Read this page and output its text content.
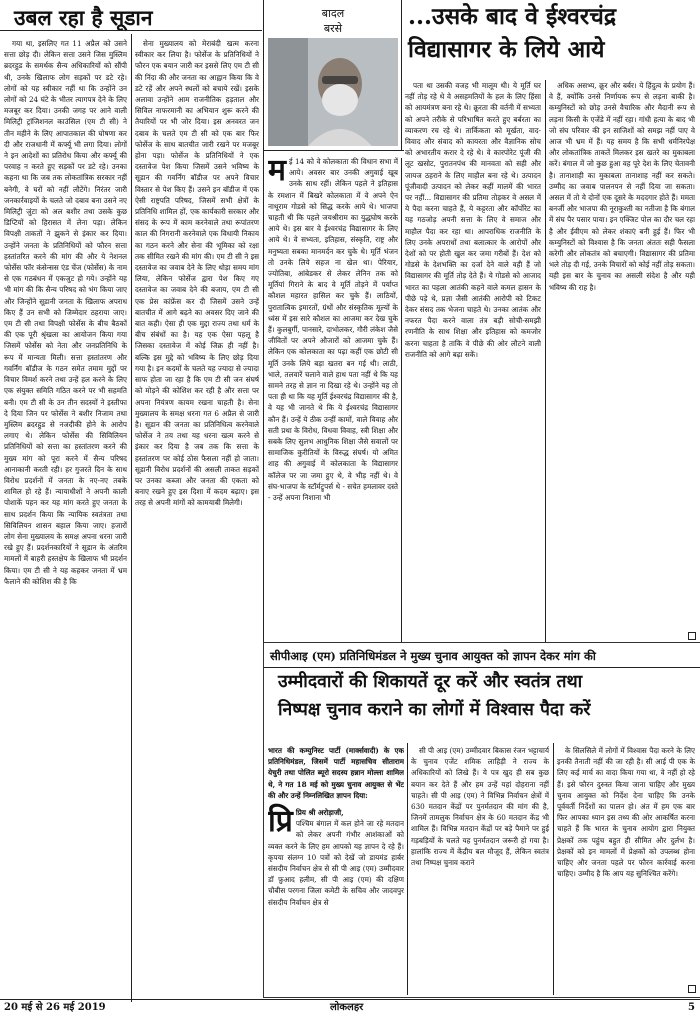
उबल रहा है सूडान

गया था, इसलिए गत 11 अप्रैल को उसने सत्ता छोड़ दी। लेकिन सत्ता उसने जिस मुस्लिम ब्रदरहुड के समर्थक सैन्य अधिकारियों को सौंपी थी, उनके खिलाफ लोग सड़कों पर डटे रहे। लोगों को यह स्वीकार नहीं था कि उन्होंने उन लोगों को 24 घंटे के भीतर त्यागपत्र देने के लिए मजबूर कर दिया। उनकी जगह पर आने वाली मिलिट्री ट्रांजिशनल काउंसिल (एम टी सी) ने तीन महीने के लिए आपातकाल की घोषणा कर दी और राजधानी में कर्फ्यू भी लगा दिया। लोगों ने इन आदेशों का प्रतिरोध किया और कर्फ्यू की परवाह न करते हुए सड़कों पर डटे रहे। उनका कहना था कि जब तक लोकतांत्रिक सरकार नहीं बनेगी, वे घरों को नहीं लौटेंगे। निरंतर जारी जनकार्रवाइयों के चलते जो दबाव बना उसने नए मिलिट्री जुंटा को अल बशीर तथा उसके कुछ डिप्टियों को हिरासत में लेना पड़ा। लेकिन विपक्षी ताकतों ने झुकने से इंकार कर दिया। उन्होंने जनता के प्रतिनिधियों को फौरन सत्ता हस्तांतरित करने की मांग की और ये नेशनल फोर्सेस फॉर कंसेन्सस एंड चेंज (फोर्सेस) के नाम से एक गठबंधन में एकजुट हो गये। उन्होंने यह भी मांग की कि सैन्य परिषद को भंग किया जाए और जिन्होंने सूडानी जनता के खिलाफ अपराध किए हैं उन सभी को जिम्मेदार ठहराया जाए। एम टी सी तथा विपक्षी फोर्सेस के बीच बैठकों की एक पूरी श्रृंखला का आयोजन किया गया जिसमें फोर्सेस को नेता और जनप्रतिनिधि के रूप में मान्यता मिली। सत्ता हस्तांतरण और गवर्निंग बॉडीज के गठन समेत तमाम मुद्दों पर विचार विमर्श करने तथा उन्हें हल करने के लिए एक संयुक्त समिति गठित करने पर भी सहमति बनी। एम टी सी के उन तीन सदस्यों ने इस्तीफा दे दिया जिन पर फोर्सेस ने बशीर निजाम तथा मुस्लिम ब्रदरहुड से नजदीकी होने के आरोप लगाए थे। लेकिन फोर्सेस की सिविलियन प्रतिनिधियों को सत्ता का हस्तांतरण करने की मुख्य मांग को पूरा करने में सैन्य परिषद आनाकानी करती रही। हर गुजरते दिन के साथ विरोध प्रदर्शनों में जनता के नए-नए तबके शामिल हो रहे हैं। न्यायाधीशों ने अपनी काली पोशाकें पहन कर यह मांग करते हुए जनता के साथ प्रदर्शन किया कि न्यायिक स्वतंत्रता तथा सिविलियन शासन बहाल किया जाए। हजारों लोग सेना मुख्यालय के समक्ष अपना धरना जारी रखे हुए हैं। प्रदर्शनकारियों ने सूडान के अंतरिम मामलों में बाहरी हस्तक्षेप के खिलाफ भी प्रदर्शन किया। एम टी सी ने यह कहकर जनता में भ्रम फैलाने की कोशिश की है कि

सेना मुख्यालय को मेराबंदी खत्म करना स्वीकार कर लिया है। फोर्सेज के प्रतिनिधियों ने फौरन एक बयान जारी कर इससे लिए एम टी सी की निंदा की और जनता का आह्वान किया कि वे डटे रहें और अपने स्थलों को बचाये रखें। इसके अलावा उन्होंने आम राजनीतिक हड़ताल और सिविल नाफरमानी का अभियान शुरू करने की तैयारियों पर भी जोर दिया। इस अनवरत जन दबाव के चलते एम टी सी को एक बार फिर फोर्सेज के साथ बातचीत जारी रखने पर मजबूर होना पड़ा। फोर्सेज के प्रतिनिधियों ने एक दस्तावेज पेश किया जिसमें उसने भविष्य के सूडान की गवर्निंग बॉडीज पर अपने विचार विस्तार से पेश किए हैं। उसने इन बॉडीज में एक ऐसी राष्ट्रपति परिषद, जिसमें सभी क्षेत्रों के प्रतिनिधि शामिल हों, एक कार्यकारी सरकार और संसद के रूप में काम करनेवाले तथा रूपांतरण काल की निगरानी करनेवाले एक विधायी निकाय का गठन करने और सेना की भूमिका को रक्षा तक सीमित रखने की मांग की। एम टी सी ने इस दस्तावेज का जवाब देने के लिए थोड़ा समय मांग लिया, लेकिन फोर्सेज द्वारा पेश किए गए दस्तावेज का जवाब देने की बजाय, एम टी सी एक प्रेस कांफ्रेंस कर दी जिसमें उसने उन्हें बातचीत में आगे बढ़ने का अवसर दिए जाने की बात कही। ऐसा ही एक मुद्दा राज्य तथा धर्म के बीच संबंधों का है। यह एक ऐसा पहलू है जिसका दस्तावेज में कोई जिक्र ही नहीं है। बल्कि इस मुद्दे को भविष्य के लिए छोड़ दिया गया है। इन कदमों के चलते यह ज्यादा से ज्यादा साफ होता जा रहा है कि एम टी सी जन संघर्ष को मोड़ने की कोशिश कर रही है और सत्ता पर अपना नियंत्रण कायम रखना चाहती है। सेना मुख्यालय के समक्ष धरना गत 6 अप्रैल से जारी है। सूडान की जनता का प्रतिनिधित्व करनेवाले फोर्सेज ने तय तथा यह धरना खत्म करने से इंकार कर दिया है जब तक कि सत्ता के हस्तांतरण पर कोई ठोस फैसला नहीं हो जाता। सूडानी विरोध प्रदर्शनों की असली ताकत सड़कों पर उनका कब्जा और जनता की एकता को बनाए रखने हुए इस दिशा में कदम बढ़ाए। इस तरह से अपनी मांगों को कामयाबी मिलेगी।

बादल
बरसे	...उसके बाद वे ईश्वरचंद्र
विद्यासागर के लिये आये
मई 14 को वे कोलकाता की विधान सभा में आये। अवसर बार उनकी अगुवाई खूब उनके साथ रहीं। लेकिन पहले ने इतिहास के रमशान में बिखरे कोलकाता में वे अपने ऐन नाथूराम गोडसे को सिद्ध करके आये थे। भाजपा चाहती थी कि पहले जयश्रीराम का युद्धघोष करके आये थे। इस बार वे ईश्वरचंद्र विद्यासागर के लिए आये थे। वे सभ्यता, इतिहास, संस्कृति, राष्ट्र और मनुष्यता सबका मानमर्दन कर चुके थे। मूर्ति भंजन तो उनके लिये सहज ना खेल था। पेरियार, ज्योतिबा, आंबेडकर से लेकर लेनिन तक को मूर्तियां गिराने के बाद वे मूर्ति तोड़ने में पर्याप्त कौशल महारत हासिल कर चुके हैं। लाठियों, पुरातात्विक इमारतों, ग्रंथों और संस्कृतिक मूल्यों के ध्वंस में इस सारे कौशल का आजमा कर देख चुके हैं। कुलबुर्गी, पानसारे, दाभोलकर, गौरी लंकेश जैसे जीवितों पर अपने औजारों को आजमा चुके हैं। लेकिन एक कोलकाता का पढ़ा कहीं एक छोटी सी मूर्ति उनके लिये बड़ा खतरा बन गई थी। लाठी, भाले, तलवारें चलाने वाले हाथ पता नहीं थे कि यह सामने तरह से ज्ञान ना दिखा रहे थे। उन्होंने यह तो पता ही था कि यह मूर्ति ईश्वरचंद्र विद्यासागर की है, वे यह भी जानते थे कि ये ईश्वरचंद्र विद्यासागर कौन हैं। उन्हें ये ठीक उन्हीं कामों, वाले विवाह और सती प्रथा के विरोध, विधवा विवाह, स्त्री शिक्षा और सबके लिए सुलभ आधुनिक शिक्षा जैसे सवालों पर सामाजिक कुरीतियों के विरुद्ध संघर्ष। यो अमित शाह की अगुवाई में कोलकाता के विद्यासागर कॉलेज पर जा जमा हुए थे, वे भीड़ नहीं थे। वे संघ-भाजपा के स्टॉर्मट्रूपर्स थे - सचेत हमलावर दस्ते - उन्हें अपना निशाना भी

पता था उसकी वजह भी मालूम थी। ये मूर्ति घर नहीं तोड़ रहे थे वे असहमतियों के हल के लिए हिंसा को आयमंत्रण बना रहे थे। क्रूरता की वर्तनी में सभ्यता को अपने तरीके से परिभाषित करते हुए बर्बरता का व्याकरण रच रहे थे। तार्किकता को मूर्खता, वाद-विवाद और संवाद को कायरता और वैज्ञानिक सोच को अभारतीय करार दे रहे थे। वे कारपोरेट पूंजी की लूट खसोट, पुरातनपंथ की मानवता को सही और जायज ठहराने के लिए माहौल बना रहे थे। उत्पादन पूंजीवादी उत्पादन को लेकर कहीं मालमें की भारत पर नहीं... विद्यासागर की प्रतिमा तोड़कर वे असल में ये पैदा करना चाहते हैं, ये कट्टरता और कॉर्पोरेट का यह गठजोड़ अपनी सत्ता के लिए वे समाज और माहौल पैदा कर रहा था। आपराधिक राजनीति के लिए उनके अपराधों तथा बलात्कार के आरोपों और देशों को पर होती खुल कर जमा गरीबों हैं। देश को गोडसे के देशभक्ति का दर्जा देने वाले वही हैं जो विद्यासागर की मूर्ति तोड़ देते हैं। ये गोडसे को आजाद भारत का पहला आतंकी कहने वाले कमल हासन के पीछे पड़े थे, प्रज्ञा जैसी आतंकी आरोपी को टिकट देकर संसद तक भेजना चाहते थे। उनका आतंक और नफरत पैदा करने वाला तंत्र बड़ी सोची-समझी रणनीति के साथ शिक्षा और इतिहास को कमजोर करना चाहता है ताकि वे पीछे की ओर लौटने वाली राजनीति को आगे बढ़ा सकें।

अधिक असभ्य, क्रूर और बर्बर। ये हिंदुत्व के प्रयोग हैं। वे हैं, क्योंकि उनसे निर्णायक रूप से लड़ना बाकी है। कम्युनिस्टों को छोड़ उनसे वैचारिक और मैदानी रूप से लड़ना किसी के एजेंडे में नहीं रहा। गांधी हत्या के बाद भी जो संघ परिवार की इन साजिशों को समझ नहीं पाए वे आज भी भ्रम में हैं। यह समय है कि सभी धर्मनिरपेक्ष और लोकतांत्रिक ताकतें मिलकर इस खतरे का मुकाबला करें। बंगाल में जो कुछ हुआ वह पूरे देश के लिए चेतावनी है। तानाशाही का मुकाबला तानाशाह नहीं कर सकते। उम्मीद का जवाब पालनपन से नहीं दिया जा सकता। असल में तो ये दोनों एक दूसरे के मददगार होते हैं। ममता बनर्जी और भाजपा की नूराकुश्ती का नतीजा है कि बंगाल में संघ पैर पसार पाया। इन एक्जिट पोल का दौर चल रहा है और ईवीएम को लेकर शंकाएं बनी हुई हैं। फिर भी कम्युनिस्टों को विश्वास है कि जनता अंततः सही फैसला करेगी और लोकतंत्र को बचाएगी। विद्यासागर की प्रतिमा भले तोड़ दी गई, उनके विचारों को कोई नहीं तोड़ सकता। यही इस बार के चुनाव का असली संदेश है और यही भविष्य की राह है।

सीपीआइ (एम) प्रतिनिधिमंडल ने मुख्य चुनाव आयुक्त को ज्ञापन देकर मांग की
उम्मीदवारों की शिकायतें दूर करें और स्वतंत्र तथा
निष्पक्ष चुनाव कराने का लोगों में विश्वास पैदा करें
भारत की कम्युनिस्ट पार्टी (मार्क्सवादी) के एक प्रतिनिधिमंडल, जिसमें पार्टी महासचिव सीताराम येचुरी तथा पोलित ब्यूरो सदस्य हन्नान मोल्ला शामिल थे, ने गत 18 मई को मुख्य चुनाव आयुक्त से भेंट की और उन्हें निम्नलिखित ज्ञापन दिया:
प्रि प्रिय श्री अरोड़ाजी,
पश्चिम बंगाल में कल होने जा रहे मतदान को लेकर अपनी गंभीर आशंकाओं को व्यक्त करने के लिए हम आपको यह ज्ञापन दे रहे हैं। कृपया संलग्न 10 पत्रों को देखें जो डायमंड हार्बर संसदीय निर्वाचन क्षेत्र से सी पी आइ (एम) उम्मीदवार डॉ फ़ुआद हलीम, सी पी आइ (एम) की दक्षिण चौबीस परगना जिला कमेटी के सचिव और जादवपुर संसदीय निर्वाचन क्षेत्र से

सी पी आइ (एम) उम्मीदवार बिकास रंजन भट्टाचार्य के चुनाव एजेंट शमिक लाहिड़ी ने राज्य के अधिकारियों को लिखे हैं। ये पत्र खुद ही सब कुछ बयान कर देते हैं और हम उन्हें यहां दोहराना नहीं चाहते। सी पी आइ (एम) ने विभिन्न निर्वाचन क्षेत्रों में 630 मतदान केंद्रों पर पुनर्मतदान की मांग की है, जिनमें तामलुक निर्वाचन क्षेत्र के 60 मतदान केंद्र भी शामिल हैं। विभिन्न मतदान केंद्रों पर बड़े पैमाने पर हुई गड़बड़ियों के चलते यह पुनर्मतदान जरूरी हो गया है। हालांकि राज्य में केंद्रीय बल मौजूद हैं, लेकिन स्वतंत्र तथा निष्पक्ष चुनाव कराने

के सिलसिले में लोगों में विश्वास पैदा करने के लिए इनकी तैनाती नहीं की जा रही है। सी आई पी एक के लिए कई मार्च का वादा किया गया था, वे नहीं हो रहे हैं। इसे फौरन दुरुस्त किया जाना चाहिए और मुख्य चुनाव आयुक्त को निर्देश देना चाहिए कि उनके पूर्ववर्ती निर्देशों का पालन हो। अंत में हम एक बार फिर आपका ध्यान इस तथ्य की ओर आकर्षित करना चाहते हैं कि भारत के चुनाव आयोग द्वारा नियुक्त प्रेक्षकों तक पहुंच बहुत ही सीमित और दुर्लभ है। प्रेक्षकों को इन मामलों में प्रेक्षकों को उपलब्ध होना चाहिए और जनता पहले पर फौरन कार्रवाई करना चाहिए। उम्मीद है कि आप यह सुनिश्चित करेंगे।

20 मई से 26 मई 2019	लोकलहर	5
